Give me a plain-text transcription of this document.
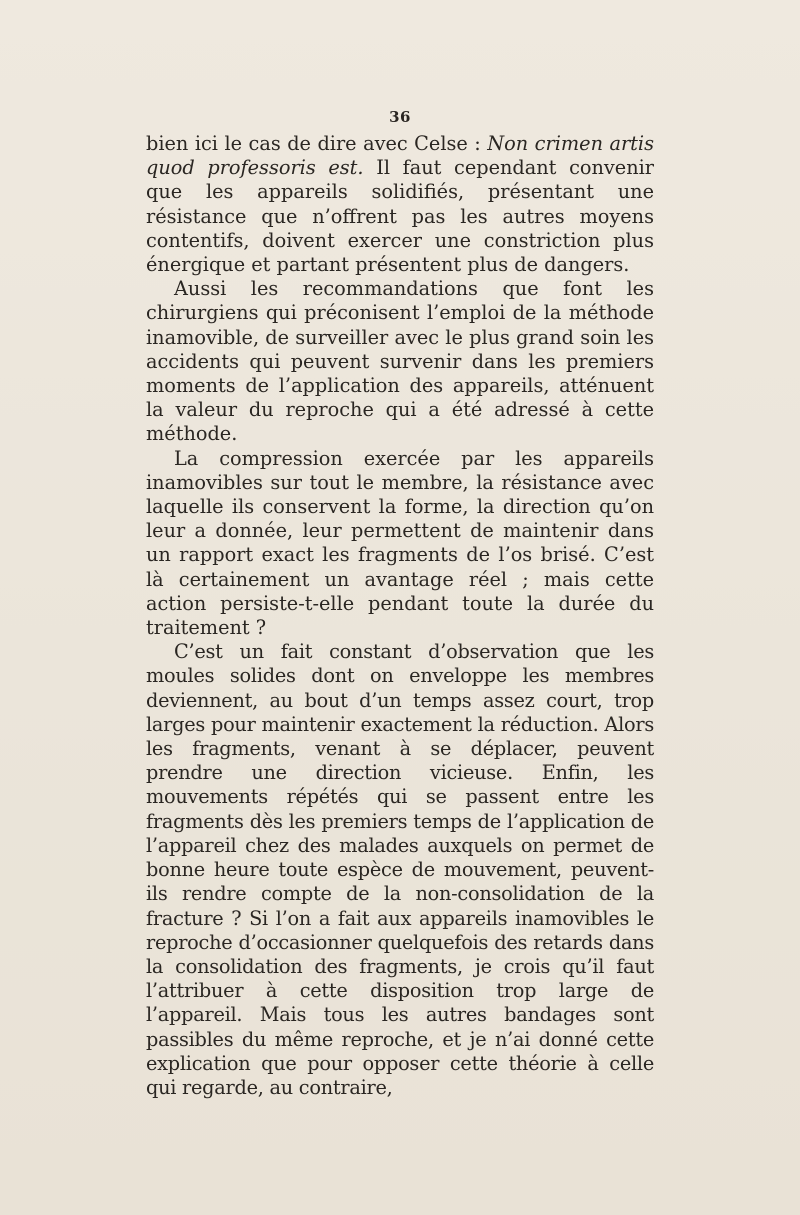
36

bien ici le cas de dire avec Celse : Non crimen artis quod professoris est. Il faut cependant convenir que les appareils solidifiés, présentant une résistance que n’offrent pas les autres moyens contentifs, doivent exercer une constriction plus énergique et partant présentent plus de dangers.

Aussi les recommandations que font les chirurgiens qui préconisent l’emploi de la méthode inamovible, de surveiller avec le plus grand soin les accidents qui peuvent survenir dans les premiers moments de l’application des appareils, atténuent la valeur du reproche qui a été adressé à cette méthode.

La compression exercée par les appareils inamovibles sur tout le membre, la résistance avec laquelle ils conservent la forme, la direction qu’on leur a donnée, leur permettent de maintenir dans un rapport exact les fragments de l’os brisé. C’est là certainement un avantage réel ; mais cette action persiste-t-elle pendant toute la durée du traitement ?

C’est un fait constant d’observation que les moules solides dont on enveloppe les membres deviennent, au bout d’un temps assez court, trop larges pour maintenir exactement la réduction. Alors les fragments, venant à se déplacer, peuvent prendre une direction vicieuse. Enfin, les mouvements répétés qui se passent entre les fragments dès les premiers temps de l’application de l’appareil chez des malades auxquels on permet de bonne heure toute espèce de mouvement, peuvent-ils rendre compte de la non-consolidation de la fracture ? Si l’on a fait aux appareils inamovibles le reproche d’occasionner quelquefois des retards dans la consolidation des fragments, je crois qu’il faut l’attribuer à cette disposition trop large de l’appareil. Mais tous les autres bandages sont passibles du même reproche, et je n’ai donné cette explication que pour opposer cette théorie à celle qui regarde, au contraire,
